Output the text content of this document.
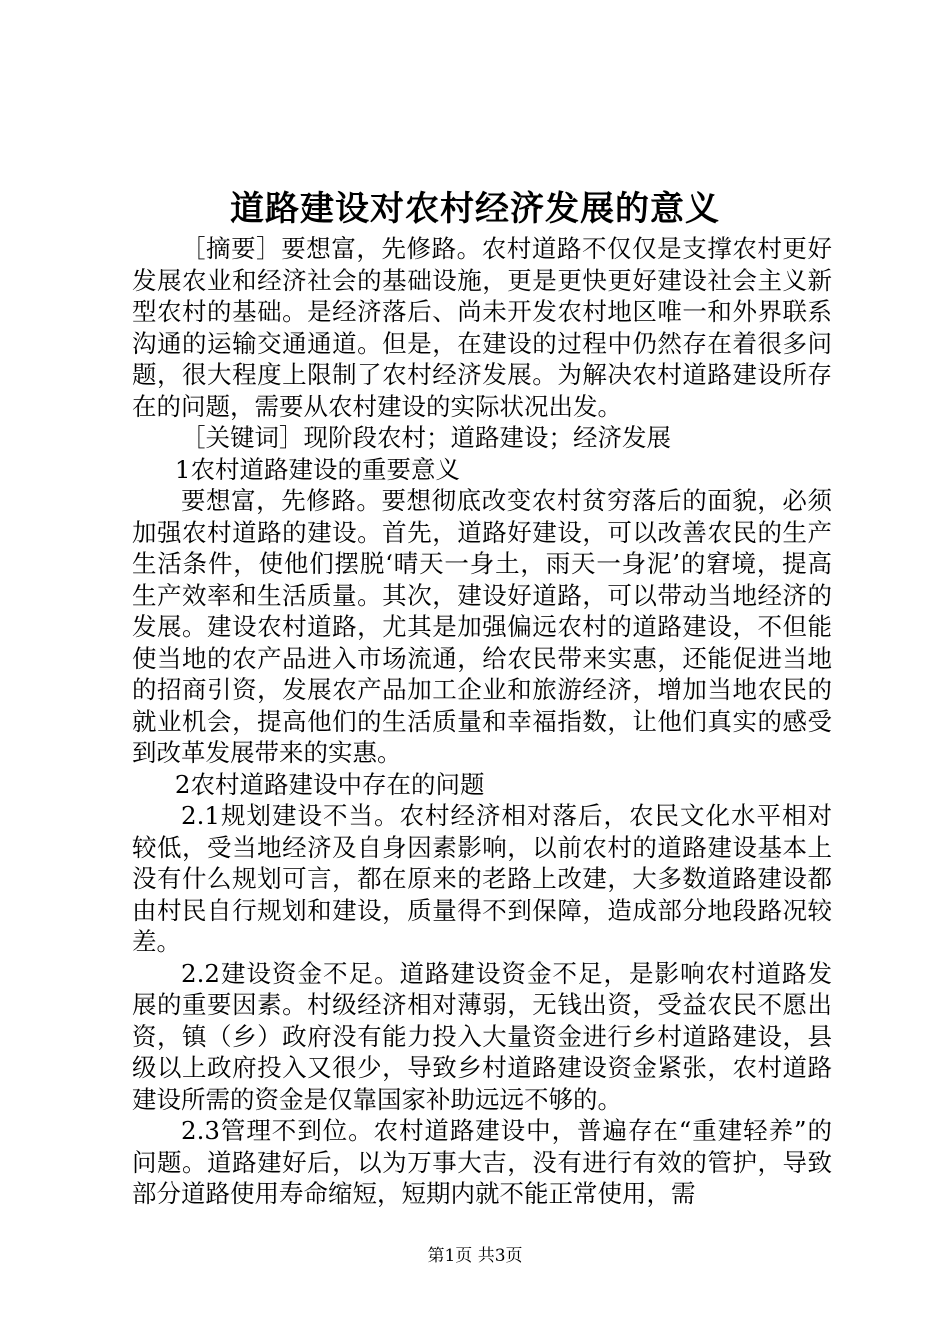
道路建设对农村经济发展的意义

［摘要］要想富，先修路。农村道路不仅仅是支撑农村更好发展农业和经济社会的基础设施，更是更快更好建设社会主义新型农村的基础。是经济落后、尚未开发农村地区唯一和外界联系沟通的运输交通通道。但是，在建设的过程中仍然存在着很多问题，很大程度上限制了农村经济发展。为解决农村道路建设所存在的问题，需要从农村建设的实际状况出发。

［关键词］现阶段农村；道路建设；经济发展

1农村道路建设的重要意义

要想富，先修路。要想彻底改变农村贫穷落后的面貌，必须加强农村道路的建设。首先，道路好建设，可以改善农民的生产生活条件，使他们摆脱‘晴天一身土，雨天一身泥’的窘境，提高生产效率和生活质量。其次，建设好道路，可以带动当地经济的发展。建设农村道路，尤其是加强偏远农村的道路建设，不但能使当地的农产品进入市场流通，给农民带来实惠，还能促进当地的招商引资，发展农产品加工企业和旅游经济，增加当地农民的就业机会，提高他们的生活质量和幸福指数，让他们真实的感受到改革发展带来的实惠。

2农村道路建设中存在的问题

2.1规划建设不当。农村经济相对落后，农民文化水平相对较低，受当地经济及自身因素影响，以前农村的道路建设基本上没有什么规划可言，都在原来的老路上改建，大多数道路建设都由村民自行规划和建设，质量得不到保障，造成部分地段路况较差。

2.2建设资金不足。道路建设资金不足，是影响农村道路发展的重要因素。村级经济相对薄弱，无钱出资，受益农民不愿出资，镇（乡）政府没有能力投入大量资金进行乡村道路建设，县级以上政府投入又很少，导致乡村道路建设资金紧张，农村道路建设所需的资金是仅靠国家补助远远不够的。

2.3管理不到位。农村道路建设中，普遍存在“重建轻养”的问题。道路建好后，以为万事大吉，没有进行有效的管护，导致部分道路使用寿命缩短，短期内就不能正常使用，需

第1页 共3页
